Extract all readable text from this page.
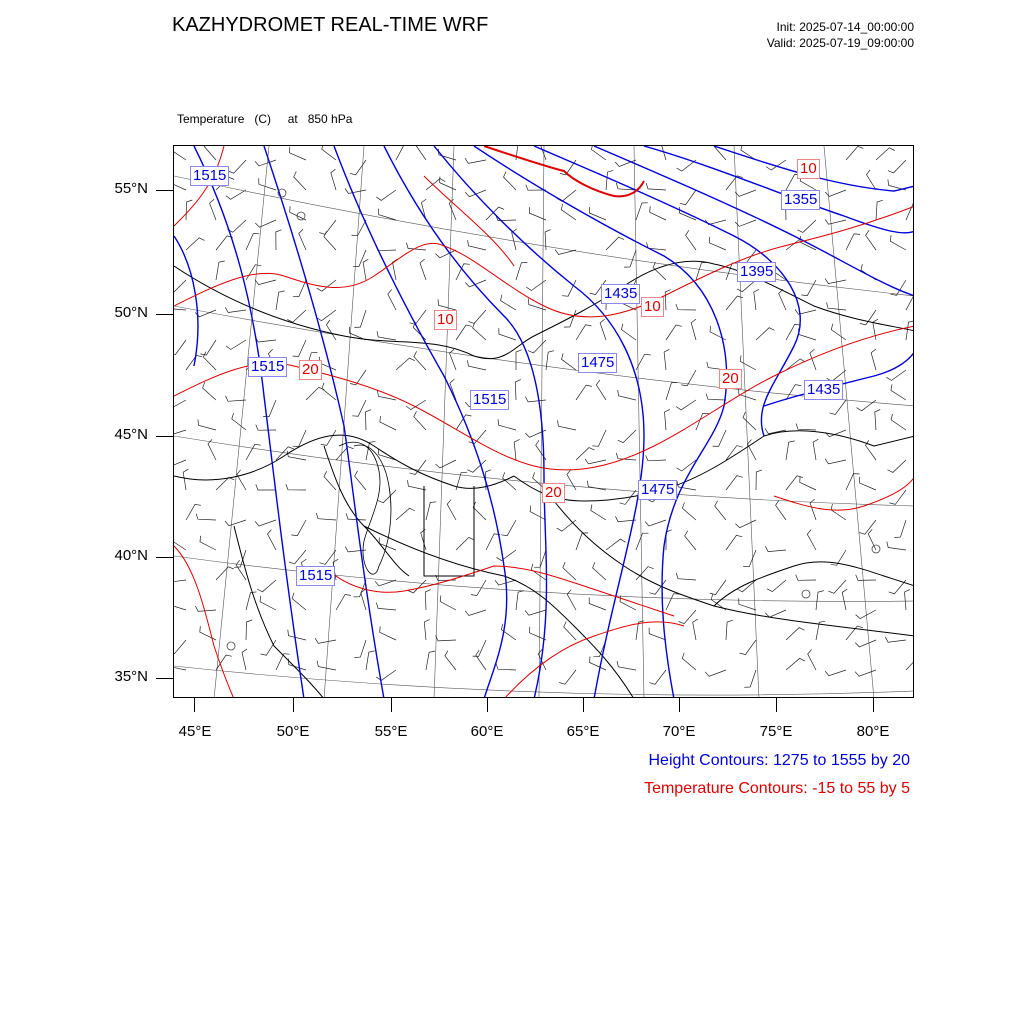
KAZHYDROMET REAL-TIME WRF	Init: 2025-07-14_00:00:00
Valid: 2025-07-19_09:00:00

Temperature   (C)     at   850 hPa

1515
1355
1395
1435
1475
1515
1435
1475
1515
1515
10
10
10
20
20
20
55°N
50°N
45°N
40°N
35°N
45°E	50°E	55°E	60°E	65°E	70°E	75°E	80°E
Height Contours: 1275 to 1555 by 20
Temperature Contours: -15 to 55 by 5
